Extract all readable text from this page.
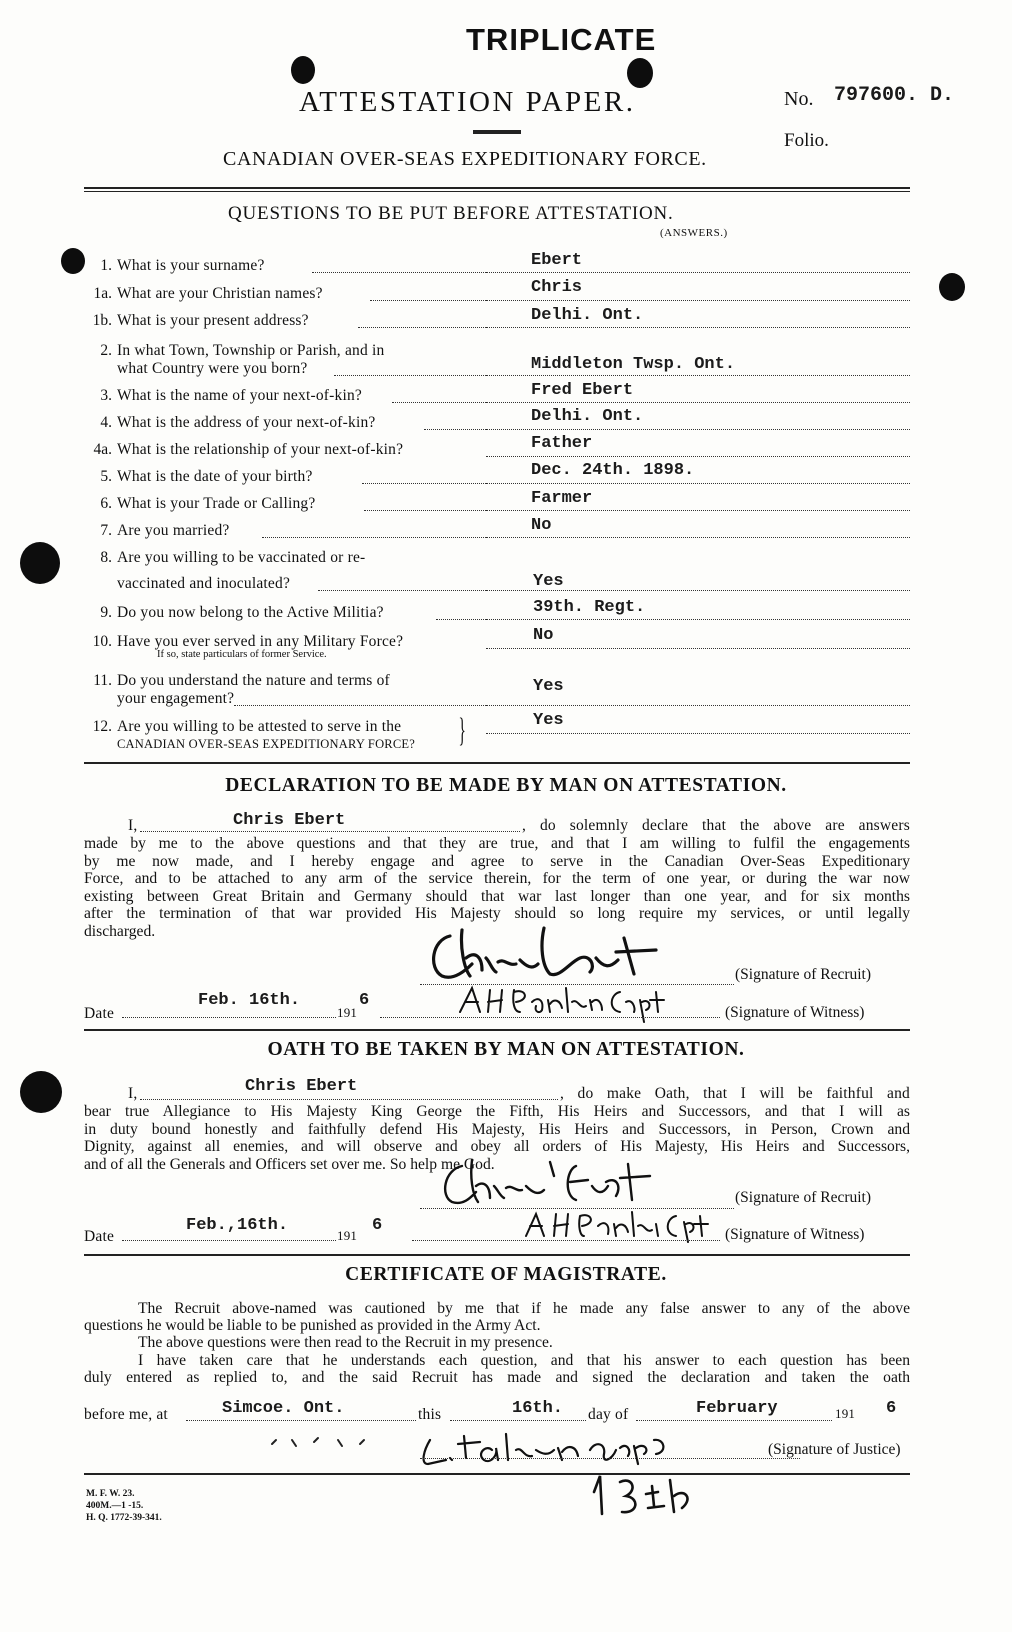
TRIPLICATE
ATTESTATION PAPER.
CANADIAN OVER-SEAS EXPEDITIONARY FORCE.
No. 797600. D.
Folio.
QUESTIONS TO BE PUT BEFORE ATTESTATION.
(ANSWERS.)
1. What is your surname?	Ebert
1a. What are your Christian names?	Chris
1b. What is your present address?	Delhi. Ont.
2. In what Town, Township or Parish, and in
what Country were you born?	Middleton Twsp. Ont.
3. What is the name of your next-of-kin?	Fred Ebert
4. What is the address of your next-of-kin?	Delhi. Ont.
4a. What is the relationship of your next-of-kin?	Father
5. What is the date of your birth?	Dec. 24th. 1898.
6. What is your Trade or Calling?	Farmer
7. Are you married?	No
8. Are you willing to be vaccinated or re-
vaccinated and inoculated?	Yes
9. Do you now belong to the Active Militia?	39th. Regt.
10. Have you ever served in any Military Force?
If so, state particulars of former Service.
No
11. Do you understand the nature and terms of
your engagement?
Yes
12. Are you willing to be attested to serve in the
CANADIAN OVER-SEAS EXPEDITIONARY FORCE? }	Yes
DECLARATION TO BE MADE BY MAN ON ATTESTATION.
I,	Chris Ebert	, do solemnly declare that the above are answers
made by me to the above questions and that they are true, and that I am willing to fulfil the engagements
by me now made, and I hereby engage and agree to serve in the Canadian Over-Seas Expeditionary
Force, and to be attached to any arm of the service therein, for the term of one year, or during the war now
existing between Great Britain and Germany should that war last longer than one year, and for six months
after the termination of that war provided His Majesty should so long require my services, or until legally
discharged.
(Signature of Recruit)
Date
Feb. 16th.
191
6
(Signature of Witness)
OATH TO BE TAKEN BY MAN ON ATTESTATION.
I,	Chris Ebert	, do make Oath, that I will be faithful and
bear true Allegiance to His Majesty King George the Fifth, His Heirs and Successors, and that I will as
in duty bound honestly and faithfully defend His Majesty, His Heirs and Successors, in Person, Crown and
Dignity, against all enemies, and will observe and obey all orders of His Majesty, His Heirs and Successors,
and of all the Generals and Officers set over me. So help me God.
(Signature of Recruit)
Date
Feb.,16th.
191
6	(Signature of Witness)
CERTIFICATE OF MAGISTRATE.
The Recruit above-named was cautioned by me that if he made any false answer to any of the above
questions he would be liable to be punished as provided in the Army Act.
The above questions were then read to the Recruit in my presence.
I have taken care that he understands each question, and that his answer to each question has been
duly entered as replied to, and the said Recruit has made and signed the declaration and taken the oath
before me, at	Simcoe. Ont.	this	16th. day of	February	191 6
(Signature of Justice)
M. F. W. 23.
400M.—1 -15.
H. Q. 1772-39-341.
